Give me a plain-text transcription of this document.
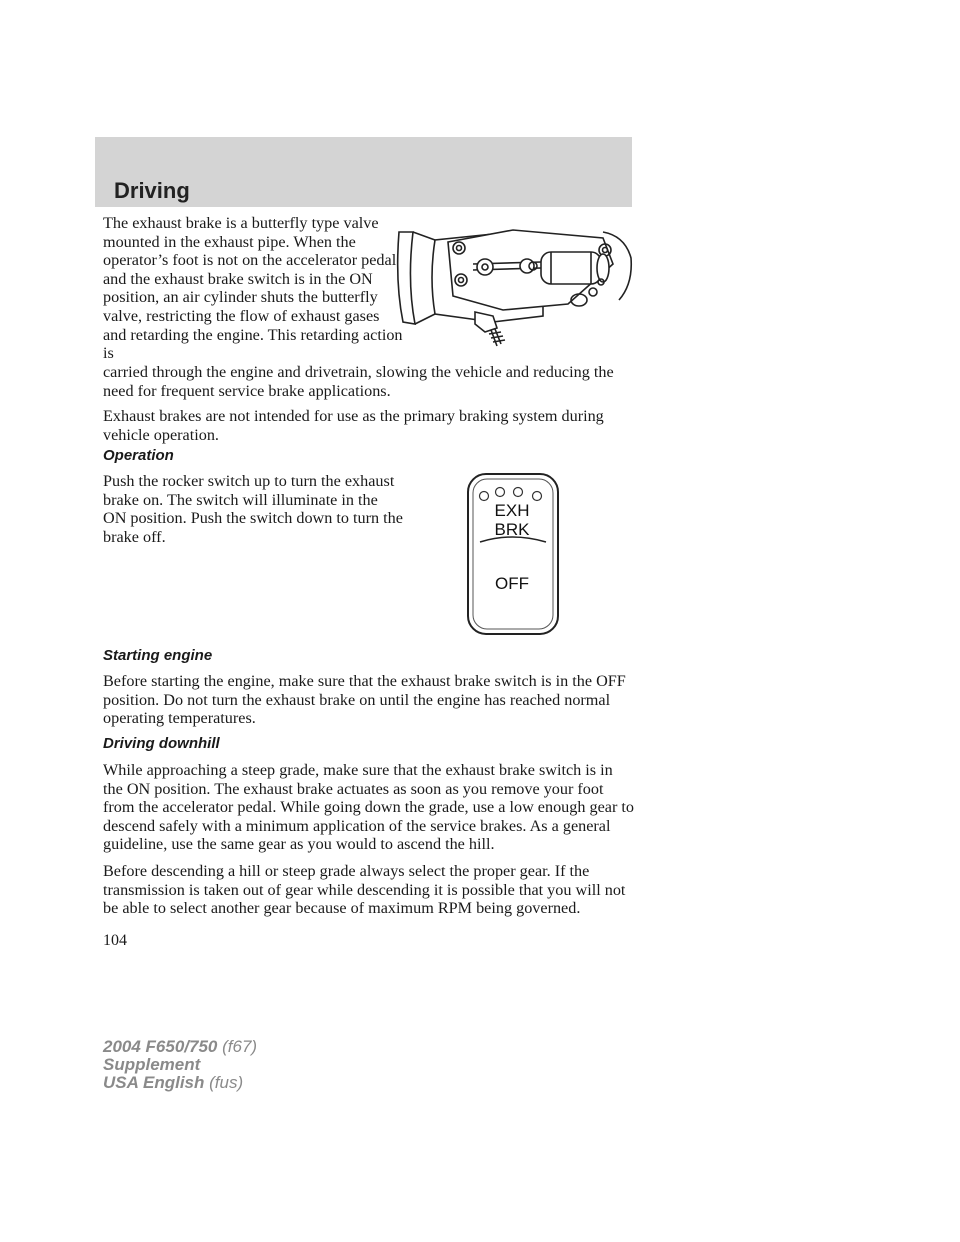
Driving

The exhaust brake is a butterfly type valve mounted in the exhaust pipe. When the operator’s foot is not on the accelerator pedal and the exhaust brake switch is in the ON position, an air cylinder shuts the butterfly valve, restricting the flow of exhaust gases and retarding the engine. This retarding action is

carried through the engine and drivetrain, slowing the vehicle and reducing the need for frequent service brake applications.

Exhaust brakes are not intended for use as the primary braking system during vehicle operation.

Operation

Push the rocker switch up to turn the exhaust brake on. The switch will illuminate in the ON position. Push the switch down to turn the brake off.

EXH
BRK
OFF
Starting engine

Before starting the engine, make sure that the exhaust brake switch is in the OFF position. Do not turn the exhaust brake on until the engine has reached normal operating temperatures.

Driving downhill

While approaching a steep grade, make sure that the exhaust brake switch is in the ON position. The exhaust brake actuates as soon as you remove your foot from the accelerator pedal. While going down the grade, use a low enough gear to descend safely with a minimum application of the service brakes. As a general guideline, use the same gear as you would to ascend the hill.

Before descending a hill or steep grade always select the proper gear. If the transmission is taken out of gear while descending it is possible that you will not be able to select another gear because of maximum RPM being governed.

104
2004 F650/750 (f67)
Supplement
USA English (fus)
